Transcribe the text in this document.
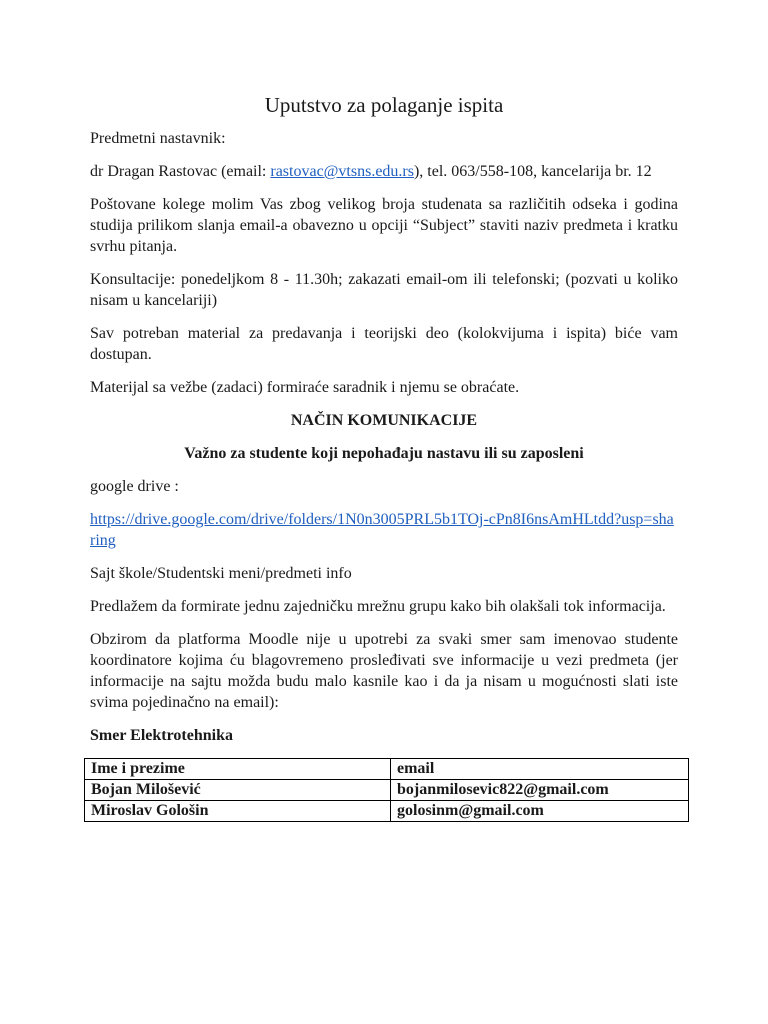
Uputstvo za polaganje ispita

Predmetni nastavnik:

dr Dragan Rastovac (email: rastovac@vtsns.edu.rs), tel. 063/558-108, kancelarija br. 12

Poštovane kolege molim Vas zbog velikog broja studenata sa različitih odseka i godina studija prilikom slanja email-a obavezno u opciji “Subject” staviti naziv predmeta i kratku svrhu pitanja.

Konsultacije: ponedeljkom 8 - 11.30h; zakazati email-om ili telefonski; (pozvati u koliko nisam u kancelariji)

Sav potreban material za predavanja i teorijski deo (kolokvijuma i ispita) biće vam dostupan.

Materijal sa vežbe (zadaci) formiraće saradnik i njemu se obraćate.

NAČIN KOMUNIKACIJE
Važno za studente koji nepohađaju nastavu ili su zaposleni

google drive :

https://drive.google.com/drive/folders/1N0n3005PRL5b1TOj-cPn8I6nsAmHLtdd?usp=sharing

Sajt škole/Studentski meni/predmeti info

Predlažem da formirate jednu zajedničku mrežnu grupu kako bih olakšali tok informacija.

Obzirom da platforma Moodle nije u upotrebi za svaki smer sam imenovao studente koordinatore kojima ću blagovremeno prosleđivati sve informacije u vezi predmeta (jer informacije na sajtu možda budu malo kasnile kao i da ja nisam u mogućnosti slati iste svima pojedinačno na email):

Smer Elektrotehnika

Ime i prezime	email
Bojan Milošević	bojanmilosevic822@gmail.com
Miroslav Gološin	golosinm@gmail.com
